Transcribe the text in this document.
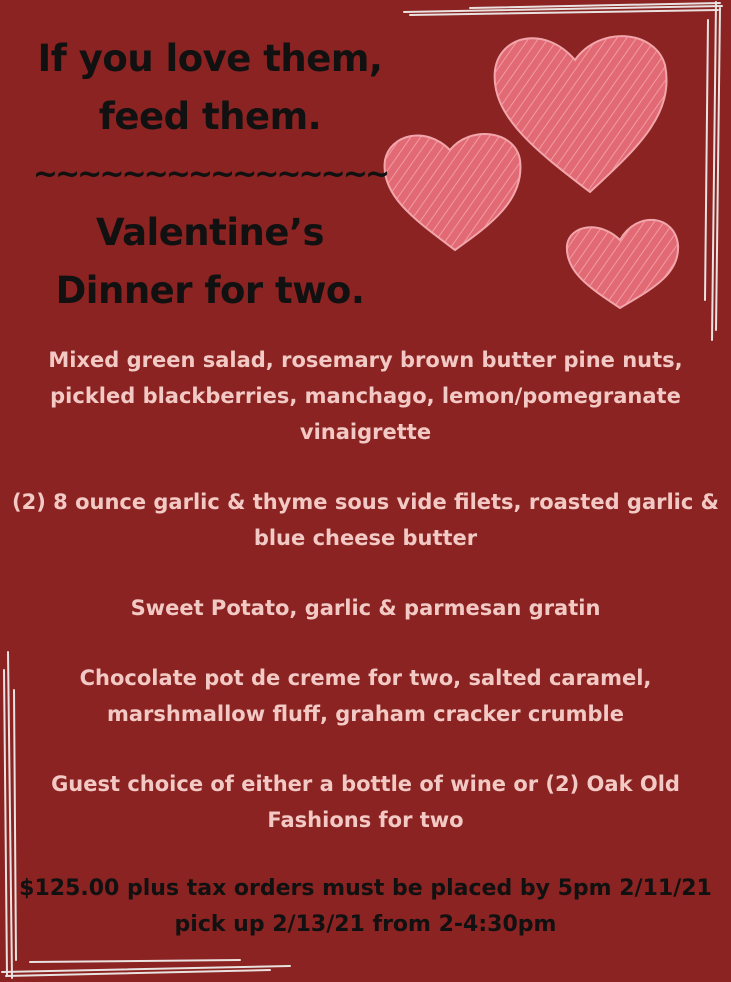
If you love them,
feed them.
~~~~~~~~~~~~~~~~
Valentine’s
Dinner for two.

Mixed green salad, rosemary brown butter pine nuts, pickled blackberries, manchago, lemon/pomegranate vinaigrette

(2) 8 ounce garlic & thyme sous vide filets, roasted garlic & blue cheese butter

Sweet Potato, garlic & parmesan gratin

Chocolate pot de creme for two, salted caramel, marshmallow fluff, graham cracker crumble

Guest choice of either a bottle of wine or (2) Oak Old Fashions for two

$125.00 plus tax orders must be placed by 5pm 2/11/21
pick up 2/13/21 from 2-4:30pm
